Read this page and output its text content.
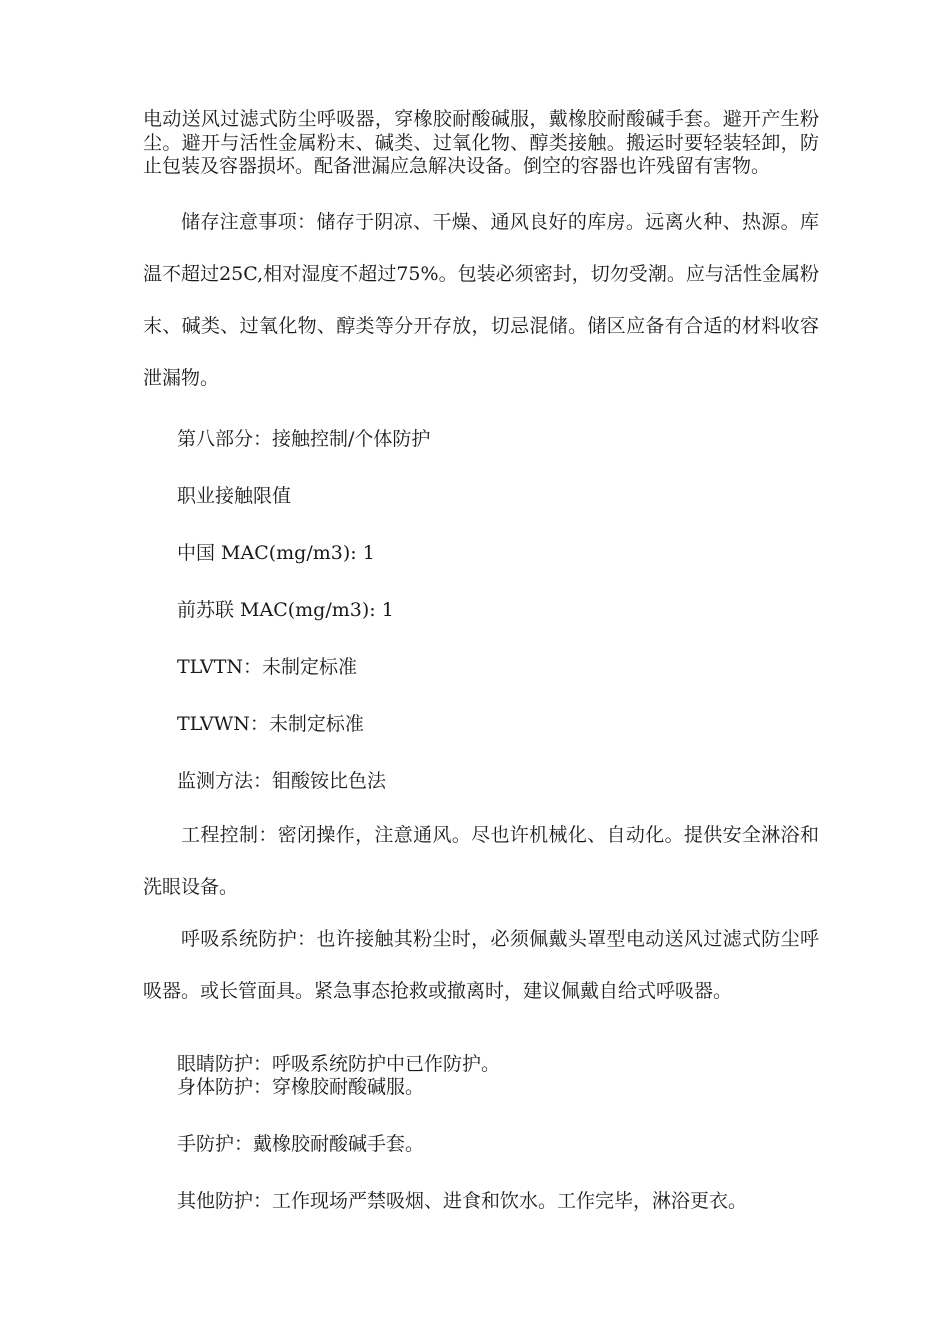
电动送风过滤式防尘呼吸器，穿橡胶耐酸碱服，戴橡胶耐酸碱手套。避开产生粉尘。避开与活性金属粉末、碱类、过氧化物、醇类接触。搬运时要轻装轻卸，防止包装及容器损坏。配备泄漏应急解决设备。倒空的容器也许残留有害物。

储存注意事项：储存于阴凉、干燥、通风良好的库房。远离火种、热源。库温不超过25C,相对湿度不超过75%。包装必须密封，切勿受潮。应与活性金属粉末、碱类、过氧化物、醇类等分开存放，切忌混储。储区应备有合适的材料收容泄漏物。

第八部分：接触控制/个体防护

职业接触限值

中国 MAC(mg/m3): 1

前苏联 MAC(mg/m3): 1

TLVTN：未制定标准

TLVWN：未制定标准

监测方法：钼酸铵比色法

工程控制：密闭操作，注意通风。尽也许机械化、自动化。提供安全淋浴和洗眼设备。

呼吸系统防护：也许接触其粉尘时，必须佩戴头罩型电动送风过滤式防尘呼吸器。或长管面具。紧急事态抢救或撤离时，建议佩戴自给式呼吸器。

眼睛防护：呼吸系统防护中已作防护。

身体防护：穿橡胶耐酸碱服。

手防护：戴橡胶耐酸碱手套。

其他防护：工作现场严禁吸烟、进食和饮水。工作完毕，淋浴更衣。
